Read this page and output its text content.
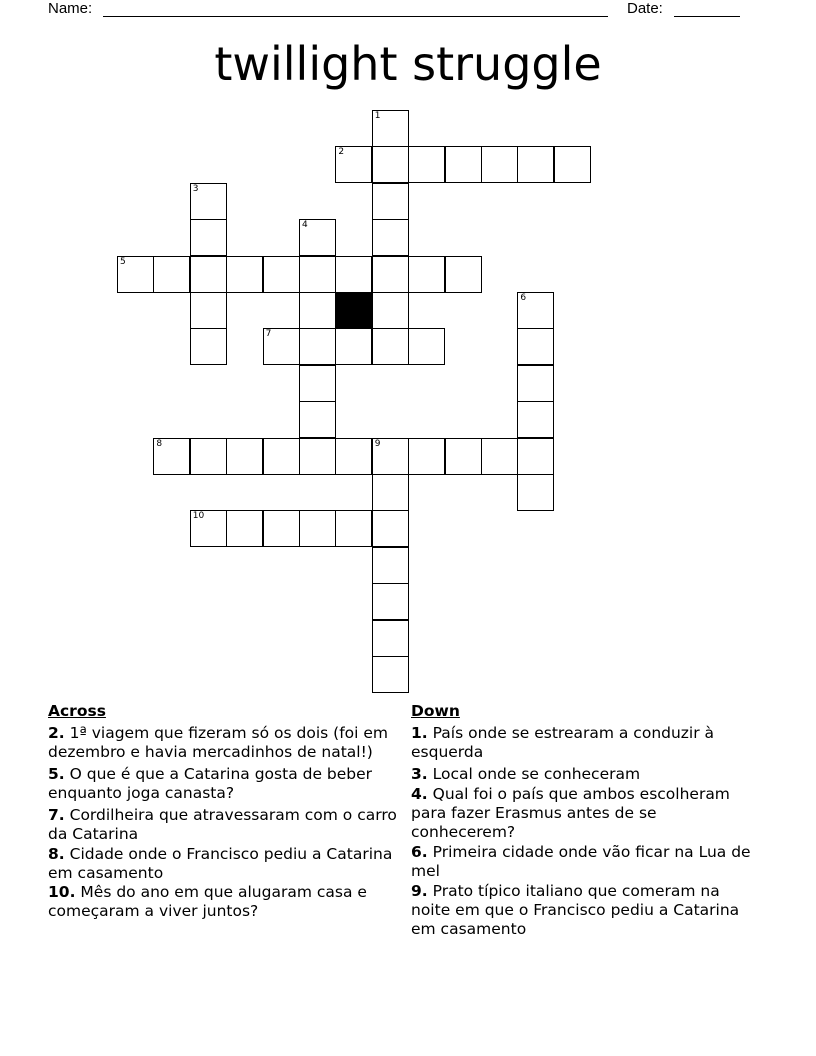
Name:	Date:
twillight struggle
1
2
3
4
5
6
7
8	9
10
Across
2. 1ª viagem que fizeram só os dois (foi em dezembro e havia mercadinhos de natal!)
5. O que é que a Catarina gosta de beber enquanto joga canasta?
7. Cordilheira que atravessaram com o carro da Catarina
8. Cidade onde o Francisco pediu a Catarina em casamento
10. Mês do ano em que alugaram casa e começaram a viver juntos?
Down
1. País onde se estrearam a conduzir à esquerda
3. Local onde se conheceram
4. Qual foi o país que ambos escolheram para fazer Erasmus antes de se conhecerem?
6. Primeira cidade onde vão ficar na Lua de mel
9. Prato típico italiano que comeram na noite em que o Francisco pediu a Catarina em casamento
